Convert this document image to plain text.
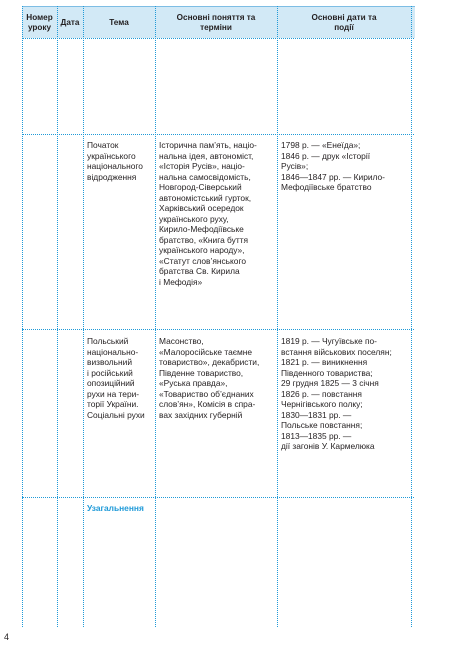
Номер уроку
Дата	Тема
Основні поняття та терміни
Основні дати та події
Початок
українського
національного
відродження
Історична пам’ять, націо-
нальна ідея, автономіст,
«Історія Русів», націо-
нальна самосвідомість,
Новгород-Сіверський
автономістський гурток,
Харківський осередок
українського руху,
Кирило-Мефодіївське
братство, «Книга буття
українського народу»,
«Статут слов’янського
братства Св. Кирила
і Мефодія»
1798 р. — «Енеїда»;
1846 р. — друк «Історії
Русів»;
1846—1847 рр. — Кирило-
Мефодіївське братство
Польський
національно-
визвольний
і російський
опозиційний
рухи на тери-
торії України.
Соціальні рухи
Масонство,
«Малоросійське таємне
товариство», декабристи,
Південне товариство,
«Руська правда»,
«Товариство об’єднаних
слов’ян», Комісія в спра-
вах західних губерній
1819 р. — Чугуївське по-
встання військових поселян;
1821 р. — виникнення
Південного товариства;
29 грудня 1825 — 3 січня
1826 р. — повстання
Чернігівського полку;
1830—1831 рр. —
Польське повстання;
1813—1835 рр. —
дії загонів У. Кармелюка
Узагальнення
4
